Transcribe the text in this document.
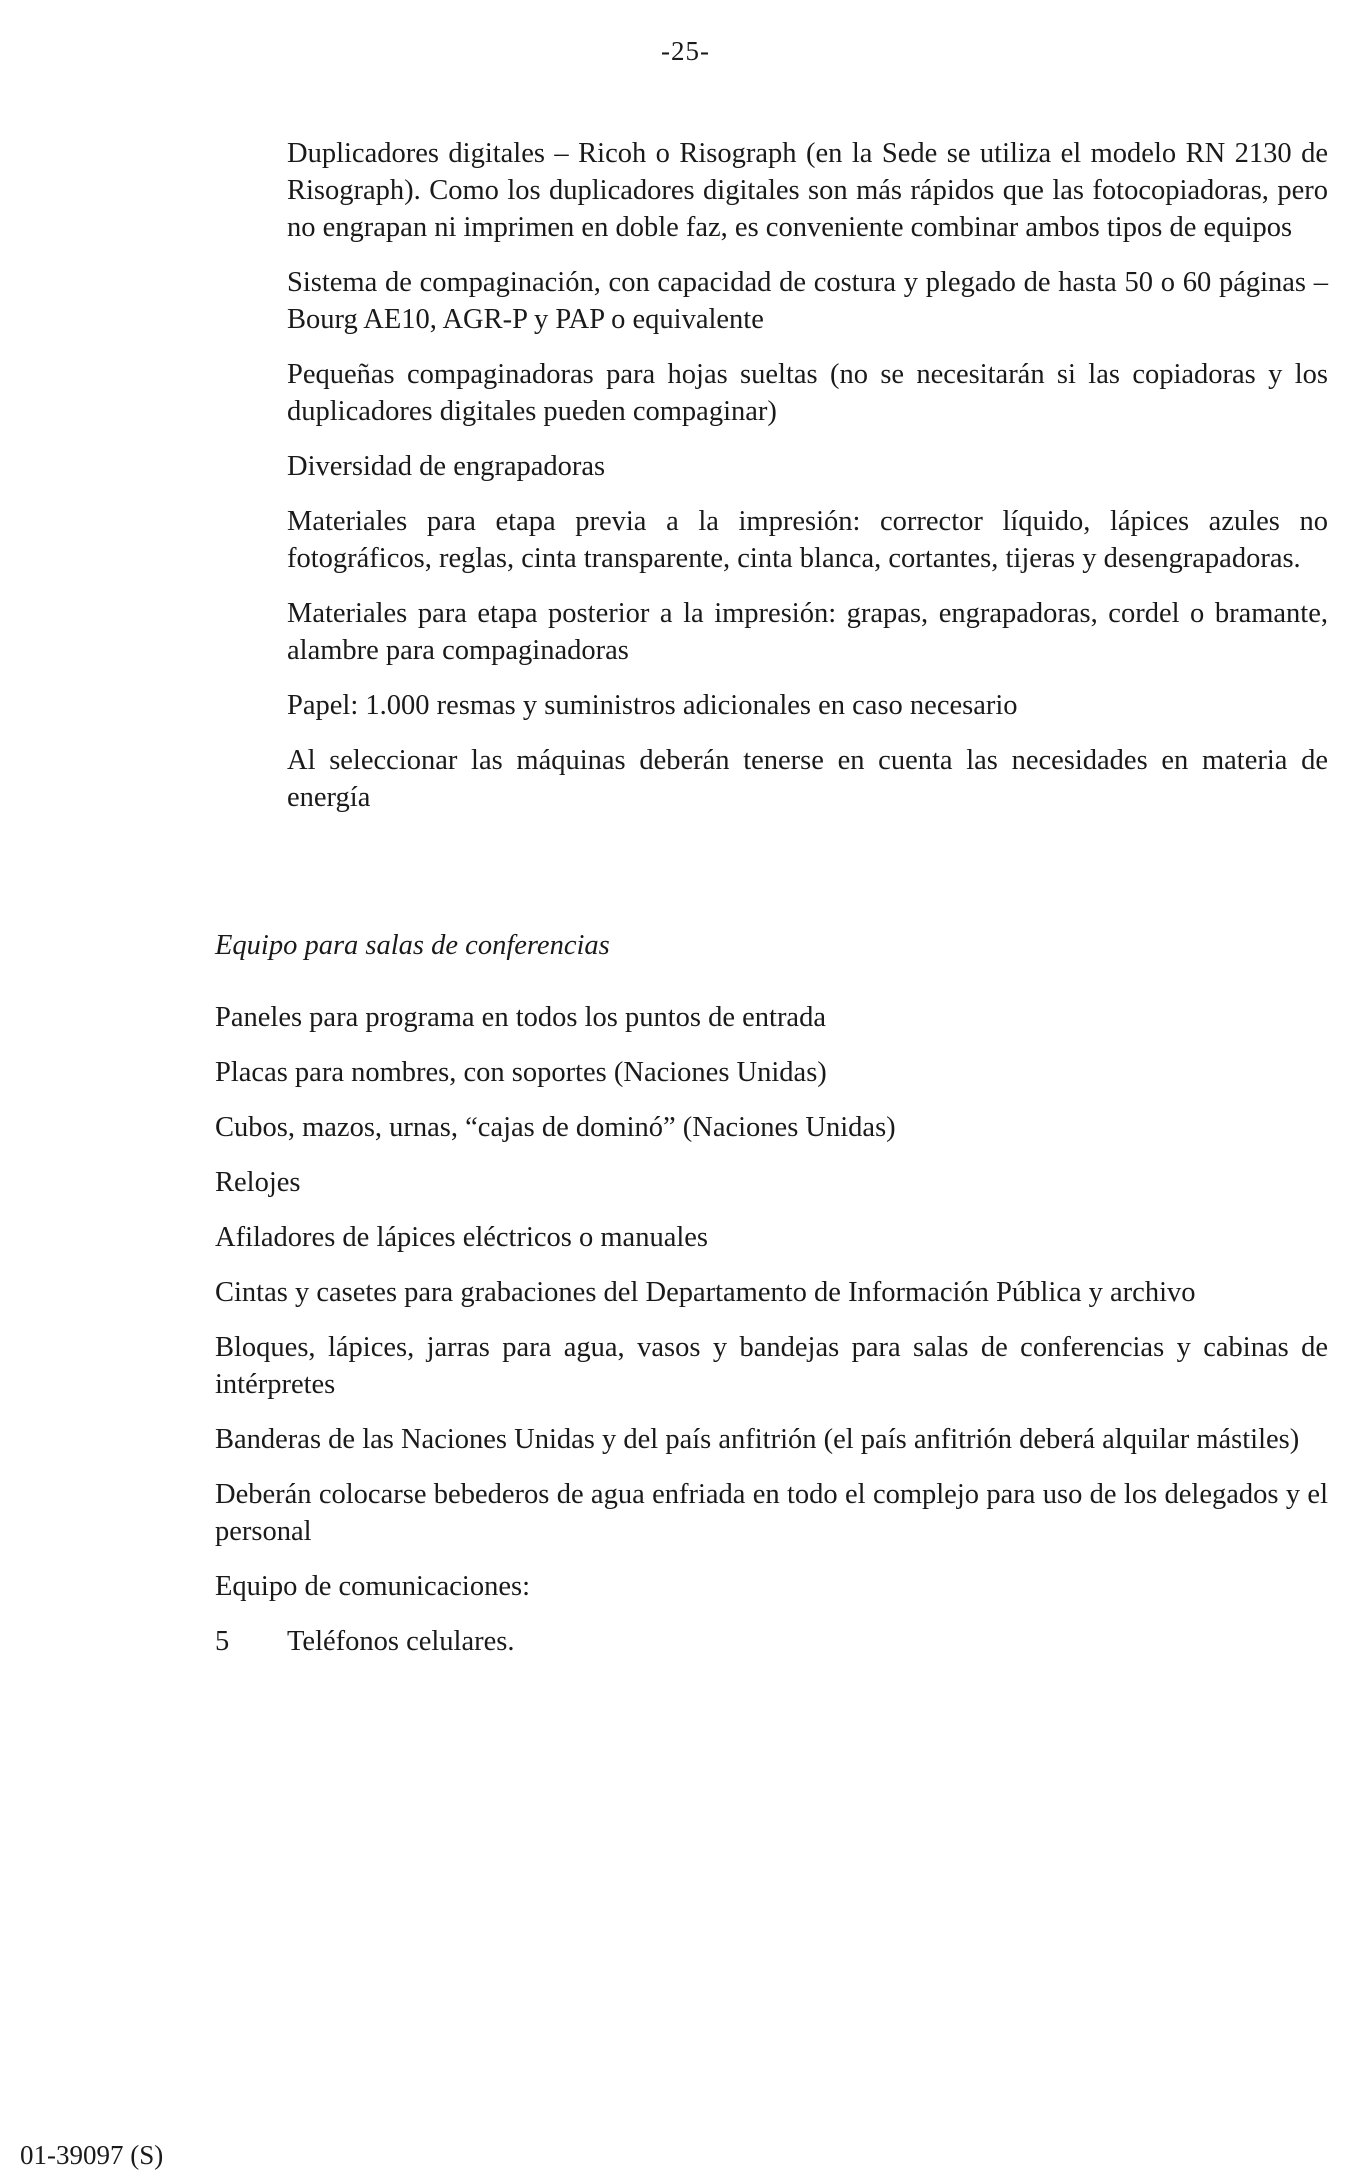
-25-

Duplicadores digitales – Ricoh o Risograph (en la Sede se utiliza el modelo RN 2130 de Risograph). Como los duplicadores digitales son más rápidos que las fotocopiadoras, pero no engrapan ni imprimen en doble faz, es conveniente combinar ambos tipos de equipos

Sistema de compaginación, con capacidad de costura y plegado de hasta 50 o 60 páginas – Bourg AE10, AGR-P y PAP o equivalente

Pequeñas compaginadoras para hojas sueltas (no se necesitarán si las copiadoras y los duplicadores digitales pueden compaginar)

Diversidad de engrapadoras

Materiales para etapa previa a la impresión: corrector líquido, lápices azules no fotográficos, reglas, cinta transparente, cinta blanca, cortantes, tijeras y desengrapadoras.

Materiales para etapa posterior a la impresión: grapas, engrapadoras, cordel o bramante, alambre para compaginadoras

Papel: 1.000 resmas y suministros adicionales en caso necesario

Al seleccionar las máquinas deberán tenerse en cuenta las necesidades en materia de energía

Equipo para salas de conferencias

Paneles para programa en todos los puntos de entrada

Placas para nombres, con soportes (Naciones Unidas)

Cubos, mazos, urnas, “cajas de dominó” (Naciones Unidas)

Relojes

Afiladores de lápices eléctricos o manuales

Cintas y casetes para grabaciones del Departamento de Información Pública y archivo

Bloques, lápices, jarras para agua, vasos y bandejas para salas de conferencias y cabinas de intérpretes

Banderas de las Naciones Unidas y del país anfitrión (el país anfitrión deberá alquilar mástiles)

Deberán colocarse bebederos de agua enfriada en todo el complejo para uso de los delegados y el personal

Equipo de comunicaciones:

5	Teléfonos celulares.
01-39097 (S)
